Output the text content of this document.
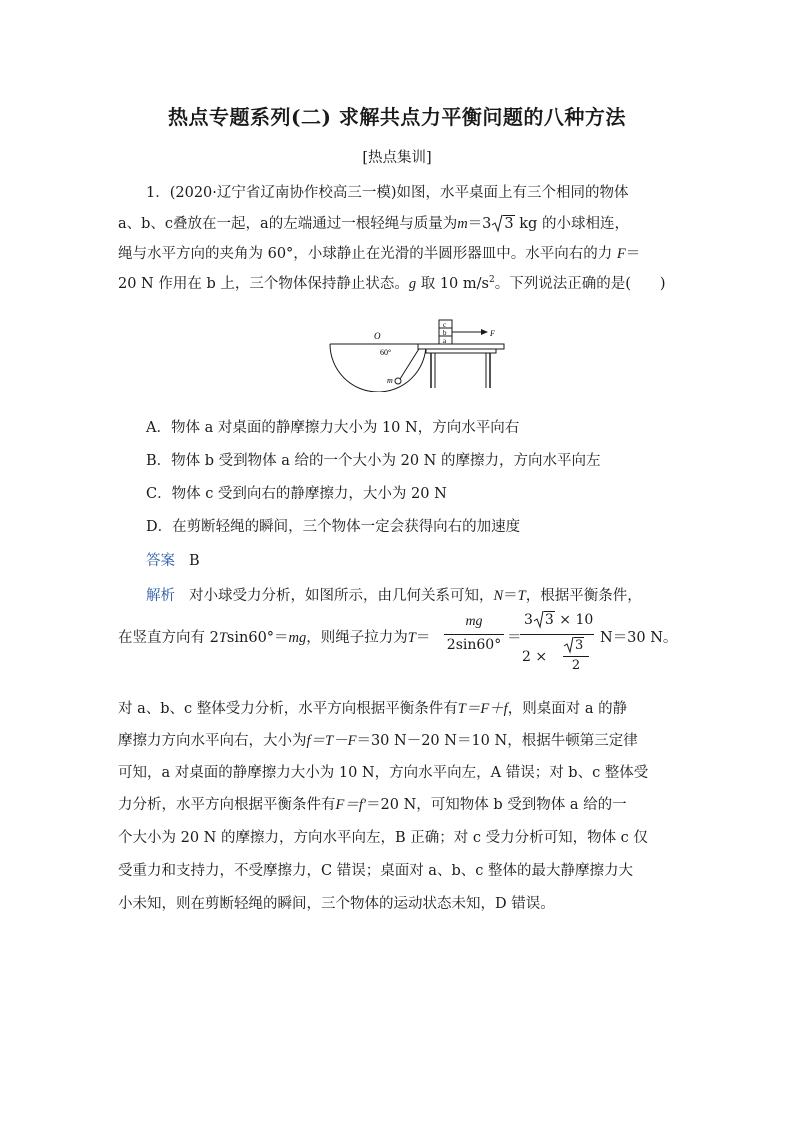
热点专题系列(二) 求解共点力平衡问题的八种方法
[热点集训]
1．(2020·辽宁省辽南协作校高三一模)如图，水平桌面上有三个相同的物体
a、b、c叠放在一起，a的左端通过一根轻绳与质量为m＝3 3 kg 的小球相连，
绳与水平方向的夹角为 60°，小球静止在光滑的半圆形器皿中。水平向右的力 F＝
20 N 作用在 b 上，三个物体保持静止状态。g 取 10 $m/s^2$。下列说法正确的是(　　)
O
60°
m
a
b
c
F
A．物体 a 对桌面的静摩擦力大小为 10 N，方向水平向右
B．物体 b 受到物体 a 给的一个大小为 20 N 的摩擦力，方向水平向左
C．物体 c 受到向右的静摩擦力，大小为 20 N
D．在剪断轻绳的瞬间，三个物体一定会获得向右的加速度
答案 B
解析 对小球受力分析，如图所示，由几何关系可知，N＝T，根据平衡条件，
在竖直方向有 2Tsin60°＝mg，则绳子拉力为T＝
mg
2sin60° ＝
3 3 × 10
2 ×
3
2
N＝30 N。
对 a、b、c 整体受力分析，水平方向根据平衡条件有T＝F＋f，则桌面对 a 的静
摩擦力方向水平向右，大小为f＝T－F＝30 N－20 N＝10 N，根据牛顿第三定律
可知，a 对桌面的静摩擦力大小为 10 N，方向水平向左，A 错误；对 b、c 整体受
力分析，水平方向根据平衡条件有F＝f′＝20 N，可知物体 b 受到物体 a 给的一
个大小为 20 N 的摩擦力，方向水平向左，B 正确；对 c 受力分析可知，物体 c 仅
受重力和支持力，不受摩擦力，C 错误；桌面对 a、b、c 整体的最大静摩擦力大
小未知，则在剪断轻绳的瞬间，三个物体的运动状态未知，D 错误。
